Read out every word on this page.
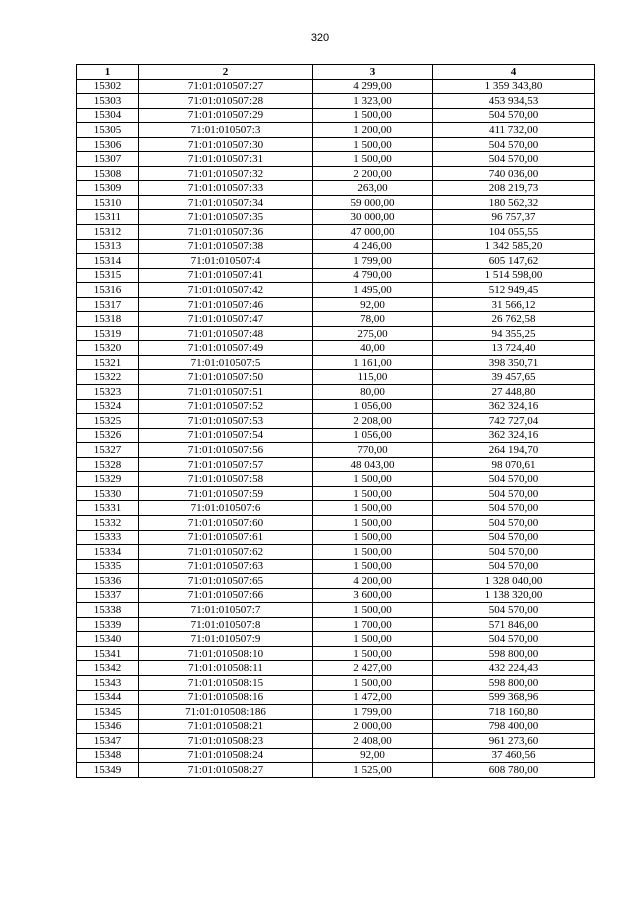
320
1	2	3	4
15302	71:01:010507:27	4 299,00	1 359 343,80
15303	71:01:010507:28	1 323,00	453 934,53
15304	71:01:010507:29	1 500,00	504 570,00
15305	71:01:010507:3	1 200,00	411 732,00
15306	71:01:010507:30	1 500,00	504 570,00
15307	71:01:010507:31	1 500,00	504 570,00
15308	71:01:010507:32	2 200,00	740 036,00
15309	71:01:010507:33	263,00	208 219,73
15310	71:01:010507:34	59 000,00	180 562,32
15311	71:01:010507:35	30 000,00	96 757,37
15312	71:01:010507:36	47 000,00	104 055,55
15313	71:01:010507:38	4 246,00	1 342 585,20
15314	71:01:010507:4	1 799,00	605 147,62
15315	71:01:010507:41	4 790,00	1 514 598,00
15316	71:01:010507:42	1 495,00	512 949,45
15317	71:01:010507:46	92,00	31 566,12
15318	71:01:010507:47	78,00	26 762,58
15319	71:01:010507:48	275,00	94 355,25
15320	71:01:010507:49	40,00	13 724,40
15321	71:01:010507:5	1 161,00	398 350,71
15322	71:01:010507:50	115,00	39 457,65
15323	71:01:010507:51	80,00	27 448,80
15324	71:01:010507:52	1 056,00	362 324,16
15325	71:01:010507:53	2 208,00	742 727,04
15326	71:01:010507:54	1 056,00	362 324,16
15327	71:01:010507:56	770,00	264 194,70
15328	71:01:010507:57	48 043,00	98 070,61
15329	71:01:010507:58	1 500,00	504 570,00
15330	71:01:010507:59	1 500,00	504 570,00
15331	71:01:010507:6	1 500,00	504 570,00
15332	71:01:010507:60	1 500,00	504 570,00
15333	71:01:010507:61	1 500,00	504 570,00
15334	71:01:010507:62	1 500,00	504 570,00
15335	71:01:010507:63	1 500,00	504 570,00
15336	71:01:010507:65	4 200,00	1 328 040,00
15337	71:01:010507:66	3 600,00	1 138 320,00
15338	71:01:010507:7	1 500,00	504 570,00
15339	71:01:010507:8	1 700,00	571 846,00
15340	71:01:010507:9	1 500,00	504 570,00
15341	71:01:010508:10	1 500,00	598 800,00
15342	71:01:010508:11	2 427,00	432 224,43
15343	71:01:010508:15	1 500,00	598 800,00
15344	71:01:010508:16	1 472,00	599 368,96
15345	71:01:010508:186	1 799,00	718 160,80
15346	71:01:010508:21	2 000,00	798 400,00
15347	71:01:010508:23	2 408,00	961 273,60
15348	71:01:010508:24	92,00	37 460,56
15349	71:01:010508:27	1 525,00	608 780,00
